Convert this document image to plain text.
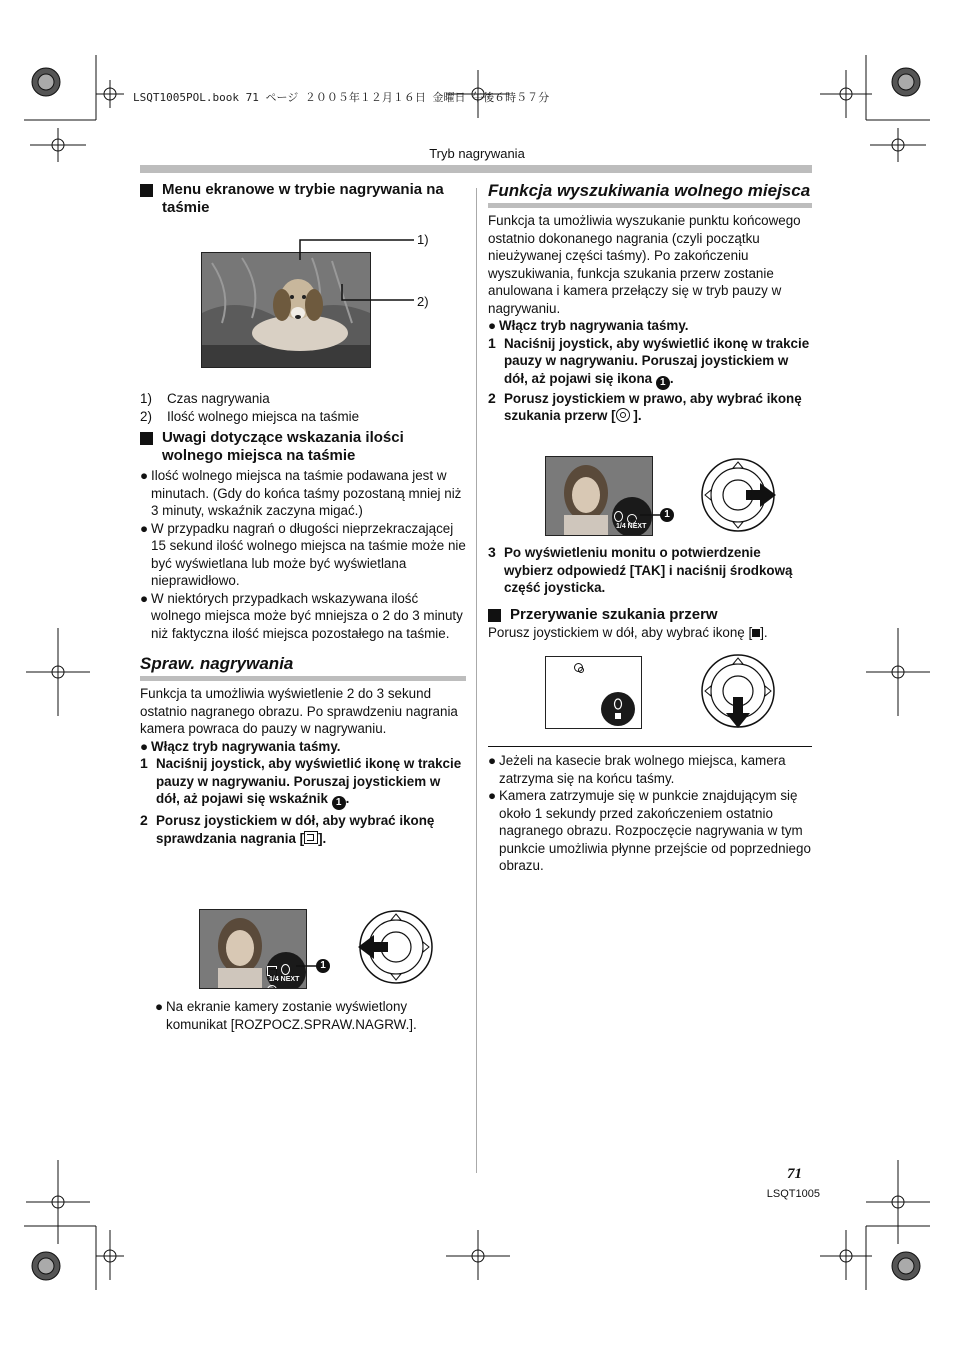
LSQT1005POL.book 71 ページ ２００５年１２月１６日 金曜日 午後６時５７分
Tryb nagrywania
Menu ekranowe w trybie nagrywania na taśmie
1)
2)

1) Czas nagrywania

2) Ilość wolnego miejsca na taśmie

Uwagi dotyczące wskazania ilości wolnego miejsca na taśmie

● Ilość wolnego miejsca na taśmie podawana jest w minutach. (Gdy do końca taśmy pozostaną mniej niż 3 minuty, wskaźnik zaczyna migać.)

● W przypadku nagrań o długości nieprzekraczającej 15 sekund ilość wolnego miejsca na taśmie może nie być wyświetlana lub może być wyświetlana nieprawidłowo.

● W niektórych przypadkach wskazywana ilość wolnego miejsca może być mniejsza o 2 do 3 minuty niż faktyczna ilość miejsca pozostałego na taśmie.

Spraw. nagrywania

Funkcja ta umożliwia wyświetlenie 2 do 3 sekund ostatnio nagranego obrazu. Po sprawdzeniu nagrania kamera powraca do pauzy w nagrywaniu.

● Włącz tryb nagrywania taśmy.

1 Naciśnij joystick, aby wyświetlić ikonę w trakcie pauzy w nagrywaniu. Poruszaj joystickiem w dół, aż pojawi się wskaźnik 1 .

2 Porusz joystickiem w dół, aby wybrać ikonę sprawdzania nagrania [ ].

1/4 NEXT
1

● Na ekranie kamery zostanie wyświetlony komunikat [ROZPOCZ.SPRAW.NAGRW.].

Funkcja wyszukiwania wolnego miejsca

Funkcja ta umożliwia wyszukanie punktu końcowego ostatnio dokonanego nagrania (czyli początku nieużywanej części taśmy). Po zakończeniu wyszukiwania, funkcja szukania przerw zostanie anulowana i kamera przełączy się w tryb pauzy w nagrywaniu.

● Włącz tryb nagrywania taśmy.

1 Naciśnij joystick, aby wyświetlić ikonę w trakcie pauzy w nagrywaniu. Poruszaj joystickiem w dół, aż pojawi się ikona 1 .

2 Porusz joystickiem w prawo, aby wybrać ikonę szukania przerw [ ].

1/4 NEXT
1

3 Po wyświetleniu monitu o potwierdzenie wybierz odpowiedź [TAK] i naciśnij środkową część joysticka.

Przerywanie szukania przerw

Porusz joystickiem w dół, aby wybrać ikonę [ ].

● Jeżeli na kasecie brak wolnego miejsca, kamera zatrzyma się na końcu taśmy.

● Kamera zatrzymuje się w punkcie znajdującym się około 1 sekundy przed zakończeniem ostatnio nagranego obrazu. Rozpoczęcie nagrywania w tym punkcie umożliwia płynne przejście od poprzedniego obrazu.

71
LSQT1005
